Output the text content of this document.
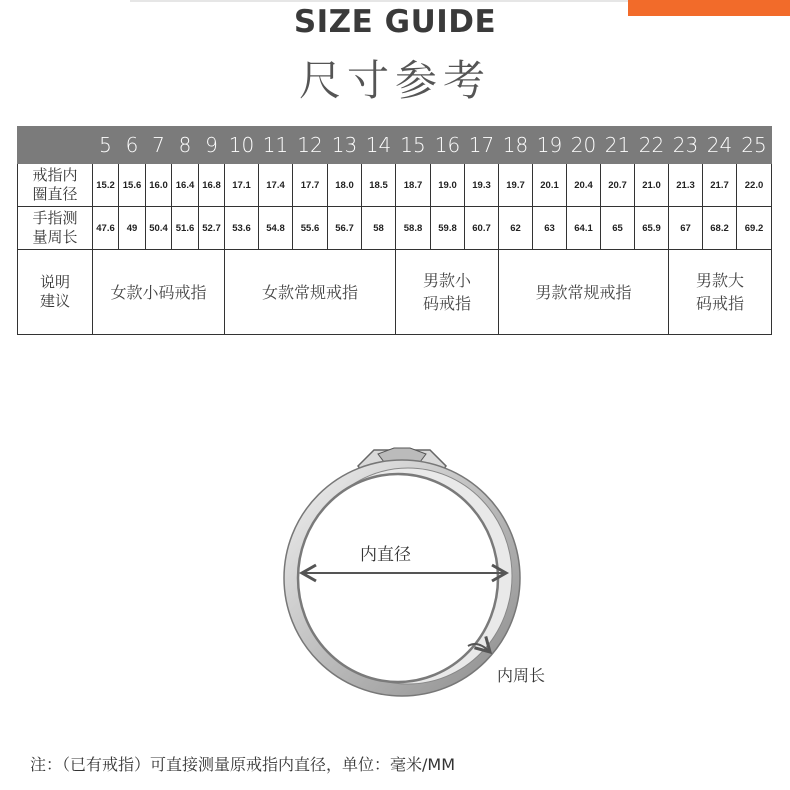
SIZE GUIDE
尺寸参考
	5	6	7	8	9	10	11	12	13	14	15	16	17	18	19	20	21	22	23	24	25
戒指内圈直径	15.2	15.6	16.0	16.4	16.8	17.1	17.4	17.7	18.0	18.5	18.7	19.0	19.3	19.7	20.1	20.4	20.7	21.0	21.3	21.7	22.0
手指测量周长	47.6	49	50.4	51.6	52.7	53.6	54.8	55.6	56.7	58	58.8	59.8	60.7	62	63	64.1	65	65.9	67	68.2	69.2
说明建议	女款小码戒指					女款常规戒指					男款小码戒指			男款常规戒指					男款大码戒指		
内直径
内周长
注：（已有戒指）可直接测量原戒指内直径，单位：毫米/MM
